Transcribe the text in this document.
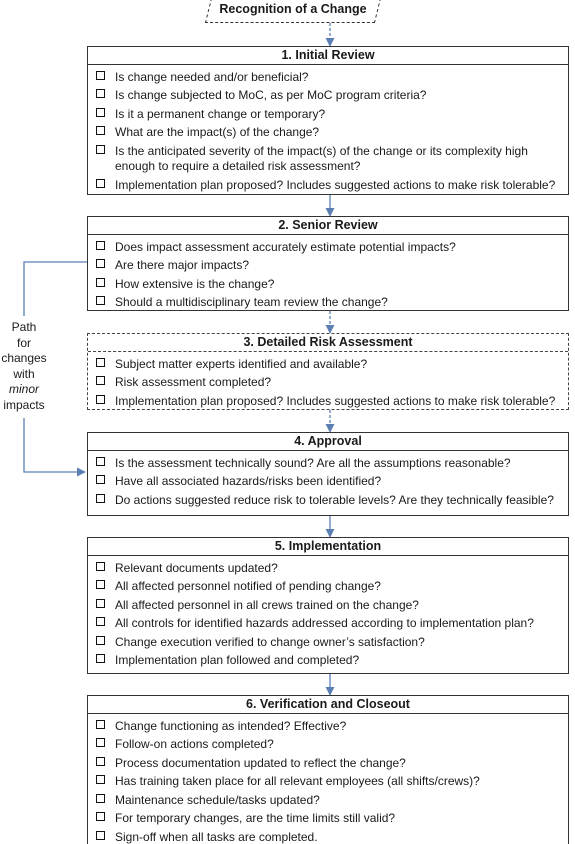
Recognition of a Change
Path
for
changes
with
minor
impacts
1. Initial Review
Is change needed and/or beneficial?
Is change subjected to MoC, as per MoC program criteria?
Is it a permanent change or temporary?
What are the impact(s) of the change?
Is the anticipated severity of the impact(s) of the change or its complexity high enough to require a detailed risk assessment?
Implementation plan proposed? Includes suggested actions to make risk tolerable?
2. Senior Review
Does impact assessment accurately estimate potential impacts?
Are there major impacts?
How extensive is the change?
Should a multidisciplinary team review the change?
3. Detailed Risk Assessment
Subject matter experts identified and available?
Risk assessment completed?
Implementation plan proposed? Includes suggested actions to make risk tolerable?
4. Approval
Is the assessment technically sound? Are all the assumptions reasonable?
Have all associated hazards/risks been identified?
Do actions suggested reduce risk to tolerable levels? Are they technically feasible?
5. Implementation
Relevant documents updated?
All affected personnel notified of pending change?
All affected personnel in all crews trained on the change?
All controls for identified hazards addressed according to implementation plan?
Change execution verified to change owner’s satisfaction?
Implementation plan followed and completed?
6. Verification and Closeout
Change functioning as intended? Effective?
Follow-on actions completed?
Process documentation updated to reflect the change?
Has training taken place for all relevant employees (all shifts/crews)?
Maintenance schedule/tasks updated?
For temporary changes, are the time limits still valid?
Sign-off when all tasks are completed.
